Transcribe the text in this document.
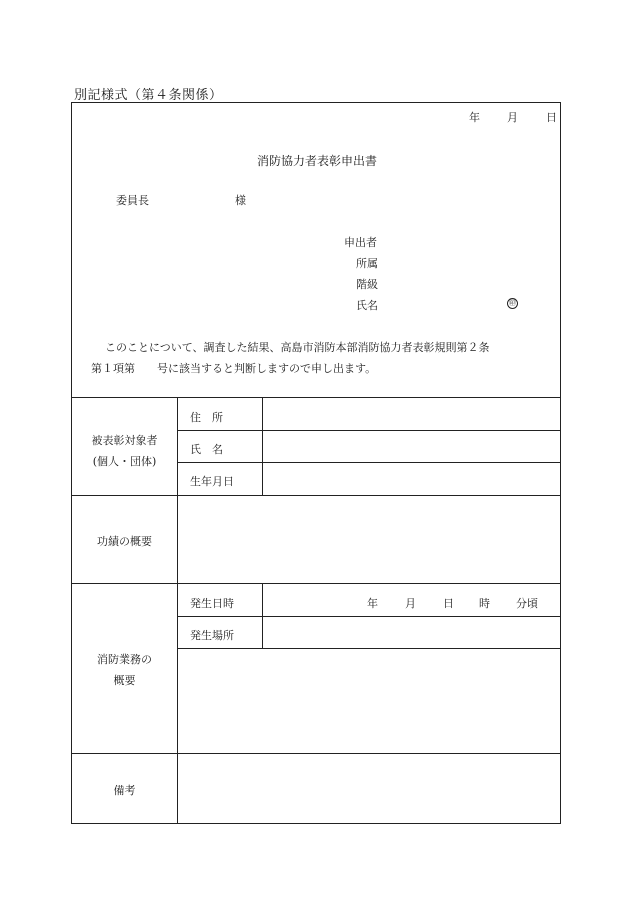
別記様式（第４条関係）
年 月	日
消防協力者表彰申出書
委員長	様
申出者
所属
階級
氏名	㊞
このことについて、調査した結果、高島市消防本部消防協力者表彰規則第２条
第１項第　　号に該当すると判断しますので申し出ます。
被表彰対象者
(個人・団体)
住　所
氏　名
生年月日
功績の概要
消防業務の
概要
発生日時	年 月 日 時 分頃
発生場所
備考
